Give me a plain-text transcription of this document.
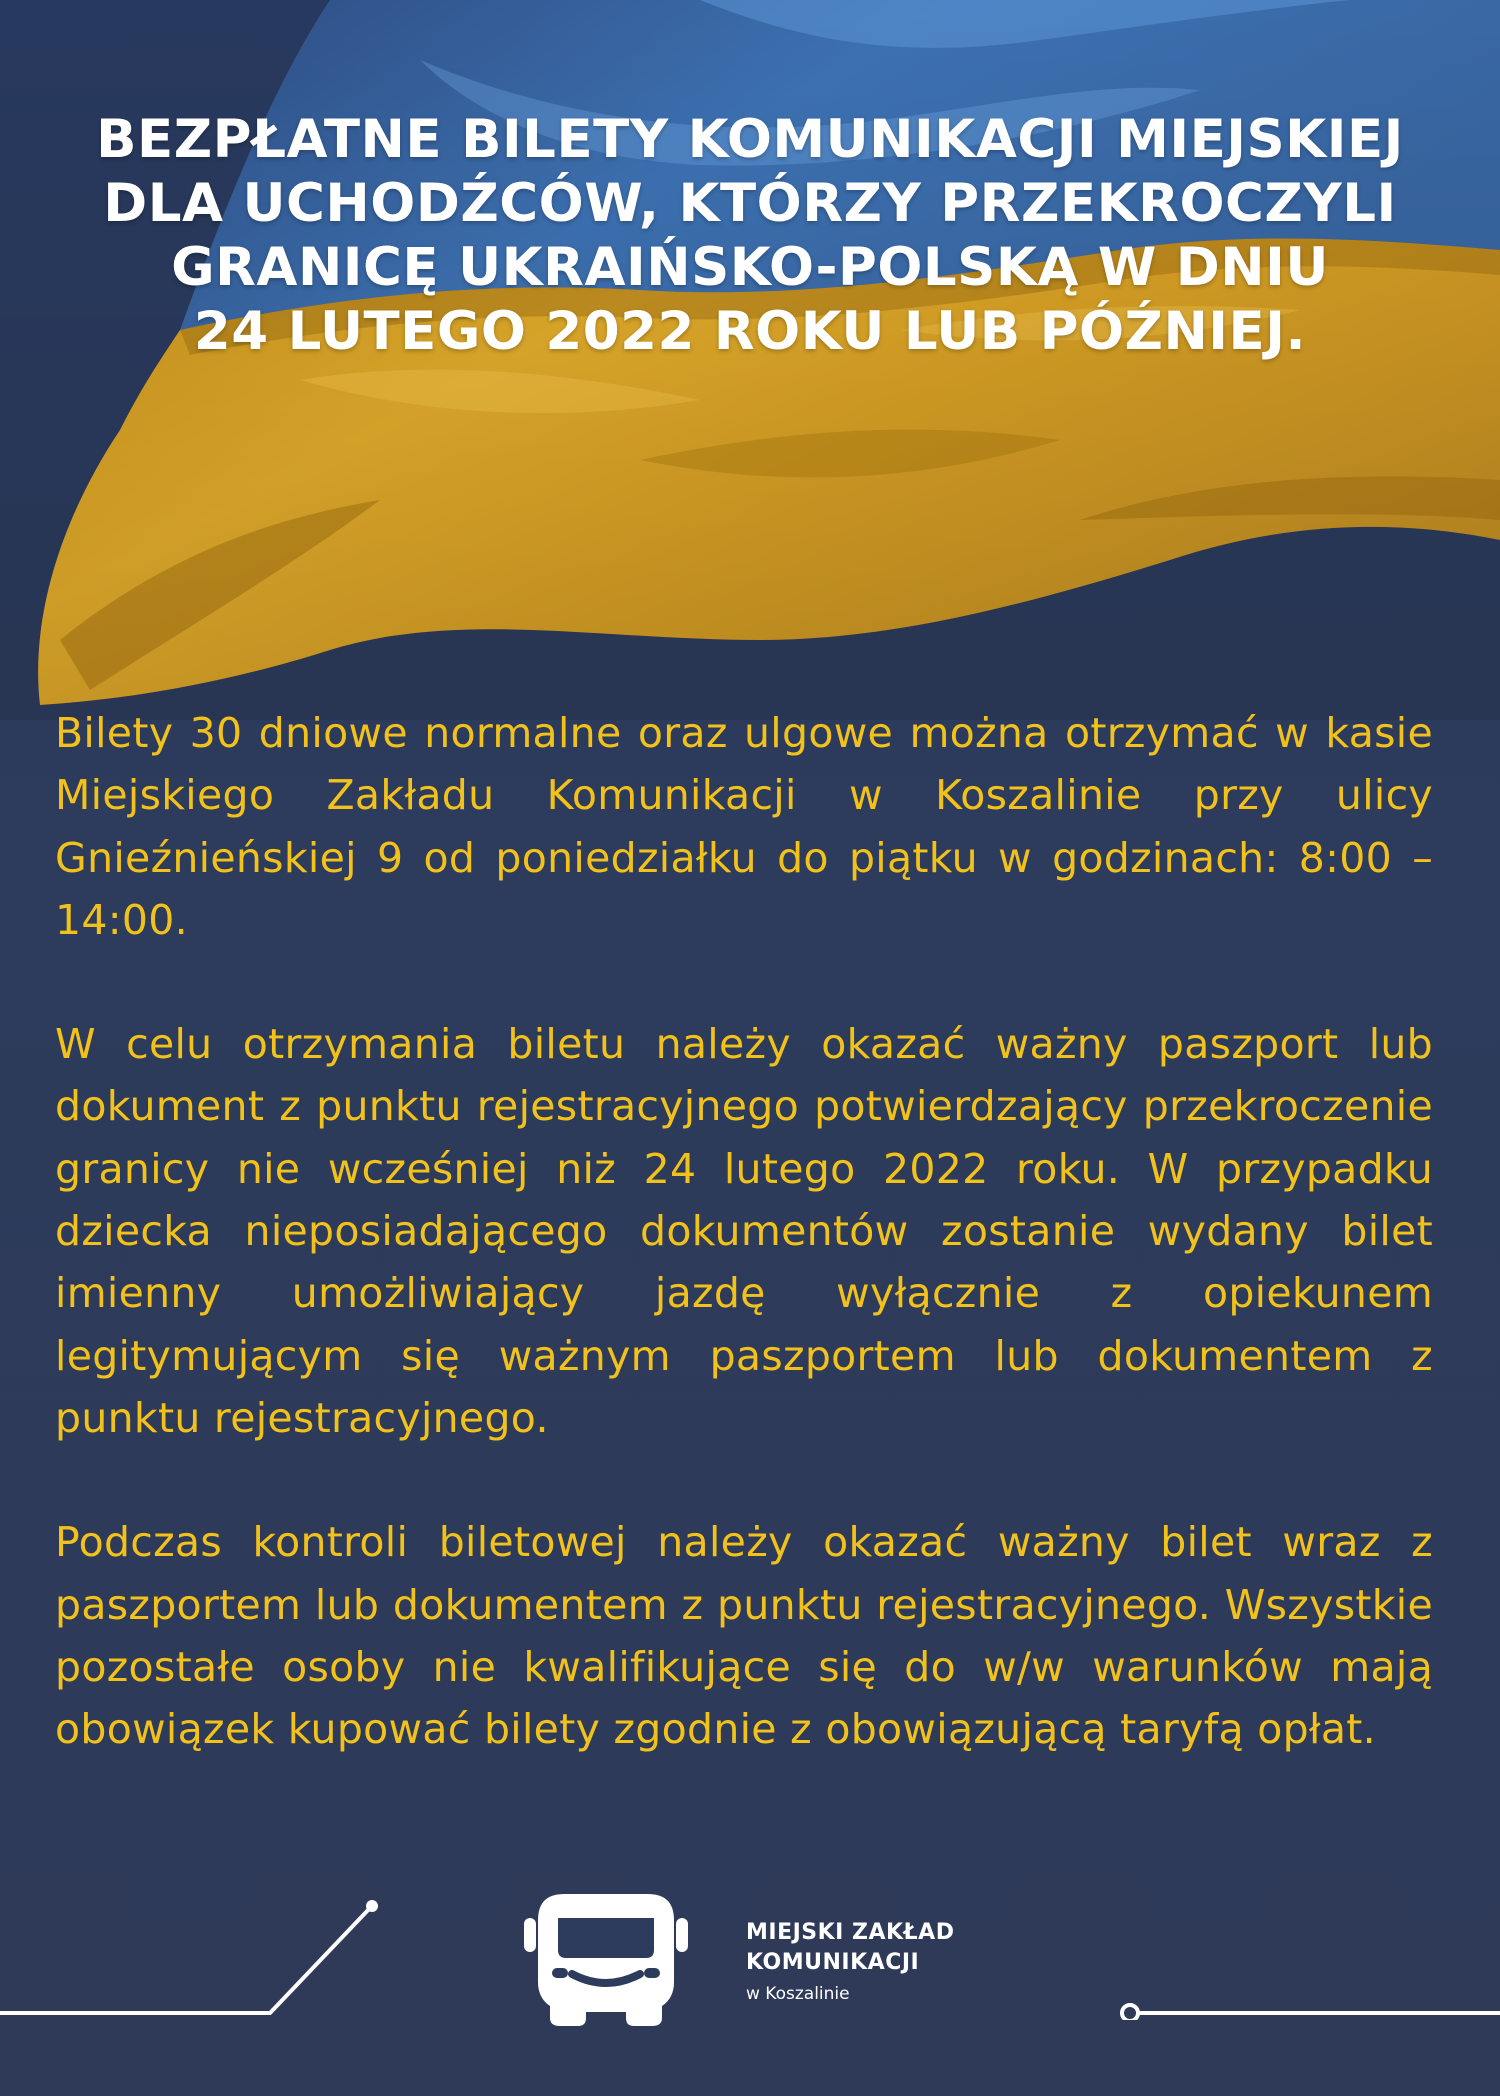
BEZPŁATNE BILETY KOMUNIKACJI MIEJSKIEJ
DLA UCHODŹCÓW, KTÓRZY PRZEKROCZYLI
GRANICĘ UKRAIŃSKO-POLSKĄ W DNIU
24 LUTEGO 2022 ROKU LUB PÓŹNIEJ.

Bilety 30 dniowe normalne oraz ulgowe można otrzymać w kasie Miejskiego Zakładu Komunikacji w Koszalinie przy ulicy Gnieźnieńskiej 9 od poniedziałku do piątku w godzinach: 8:00 – 14:00.

W celu otrzymania biletu należy okazać ważny paszport lub dokument z punktu rejestracyjnego potwierdzający przekroczenie granicy nie wcześniej niż 24 lutego 2022 roku. W przypadku dziecka nieposiadającego dokumentów zostanie wydany bilet imienny umożliwiający jazdę wyłącznie z opiekunem legitymującym się ważnym paszportem lub dokumentem z punktu rejestracyjnego.

Podczas kontroli biletowej należy okazać ważny bilet wraz z paszportem lub dokumentem z punktu rejestracyjnego. Wszystkie pozostałe osoby nie kwalifikujące się do w/w warunków mają obowiązek kupować bilety zgodnie z obowiązującą taryfą opłat.

MIEJSKI ZAKŁAD
KOMUNIKACJI
w Koszalinie
